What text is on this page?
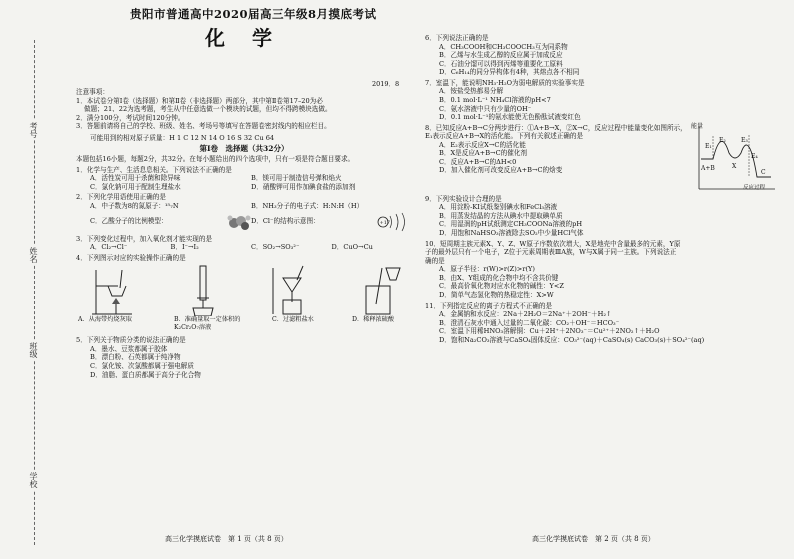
考号
姓名
班级
学校
贵阳市普通高中2020届高三年级8月摸底考试
化 学
2019．8
注意事项：
1．本试卷分第Ⅰ卷（选择题）和第Ⅱ卷（非选择题）两部分，其中第Ⅱ卷第17–20为必
做题；21、22为选考题，考生从中任意选做一个模块的试题，但均不得跨模块选做。
2．满分100分，考试时间120分钟。
3．答题前请将自己的学校、班级、姓名、考场号等填写在答题卷密封线内的相应栏目。
可能用到的相对原子质量：H 1 C 12 N 14 O 16 S 32 Cu 64
第Ⅰ卷　选择题（共32分）
本题包括16小题，每题2分，共32分。在每小题给出的四个选项中，只有一项是符合题目要求。
1．化学与生产、生活息息相关。下列说法不正确的是
A．活性炭可用于杀菌和除异味	B．镁可用于制造信号弹和焰火
C．氯化钠可用于配制生理盐水	D．硝酸钾可用作加碘食盐的添加剂
2．下列化学用语使用正确的是
A．中子数为8的氮原子：¹⁵₇N	B．NH₃分子的电子式：H:N:H（H）
C．乙酸分子的比例模型：	D．Cl⁻的结构示意图：	+17
3．下列变化过程中，加入氧化剂才能实现的是
A．Cl₂→Cl⁻	B．I⁻→I₂	C．SO₂→SO₃²⁻	D．CuO→Cu
4．下列图示对应的实验操作正确的是
A．从海带灼烧灰取	B．准确量取一定体积的K₂Cr₂O₇溶液
C．过滤粗盐水	D．稀释浓硫酸
5．下列关于物质分类的说法正确的是
A．墨水、豆浆都属于胶体
B．漂白粉、石英都属于纯净物
C．氯化铵、次氯酸都属于强电解质
D．油脂、蛋白质都属于高分子化合物
高三化学摸底试卷　第 1 页（共 8 页）
6．下列说法正确的是
A．CH₃COOH和CH₃COOCH₃互为同系物
B．乙烯与水生成乙醇的反应属于加成反应
C．石油分馏可以得到丙烯等重要化工原料
D．C₆H₁₄的同分异构体有4种，其熔点各不相同
7．室温下，能说明NH₃·H₂O为弱电解质的实验事实是
A．铵盐受热都易分解
B．0.1 mol·L⁻¹ NH₄Cl溶液的pH<7
C．氨水溶液中只有少量的OH⁻
D．0.1 mol·L⁻¹的氨水能使无色酚酞试液变红色
8．已知反应A+B→C分两步进行：①A+B→X，②X→C，反应过程中能量变化如图所示，
E₁表示反应A+B→X的活化能。下列有关叙述正确的是
A．E₂表示反应X→C的活化能
B．X是反应A+B→C的催化剂
C．反应A+B→C的ΔH<0
D．加入催化剂可改变反应A+B→C的焓变
能量
E₁
E₂	E₃
E₄
A+B	X
C
反应过程
9．下列实验设计合理的是
A．用淀粉-KI试纸鉴别碘水和FeCl₃溶液
B．用蒸发结晶的方法从碘水中提取碘单质
C．用湿润的pH试纸测定CH₃COONa溶液的pH
D．用饱和NaHSO₃溶液除去SO₂中少量HCl气体
10．短周期主族元素X、Y、Z、W原子序数依次增大，X是地壳中含量最多的元素，Y原
子的最外层只有一个电子，Z位于元素周期表ⅢA族，W与X属于同一主族。下列说法正
确的是
A．原子半径：r(W)>r(Z)>r(Y)
B．由X、Y组成的化合物中均不含共价键
C．最高价氧化物对应水化物的碱性：Y<Z
D．简单气态氢化物的热稳定性：X>W
11．下列指定反应的离子方程式不正确的是
A．金属钠和水反应：2Na＋2H₂O＝2Na⁺＋2OH⁻＋H₂↑
B．澄清石灰水中通入过量的二氧化碳：CO₂＋OH⁻＝HCO₃⁻
C．室温下用稀HNO₃溶解铜：Cu＋2H⁺＋2NO₃⁻＝Cu²⁺＋2NO₂↑＋H₂O
D．饱和Na₂CO₃溶液与CaSO₄固体反应：CO₃²⁻(aq)＋CaSO₄(s) CaCO₃(s)＋SO₄²⁻(aq)
高三化学摸底试卷　第 2 页（共 8 页）
